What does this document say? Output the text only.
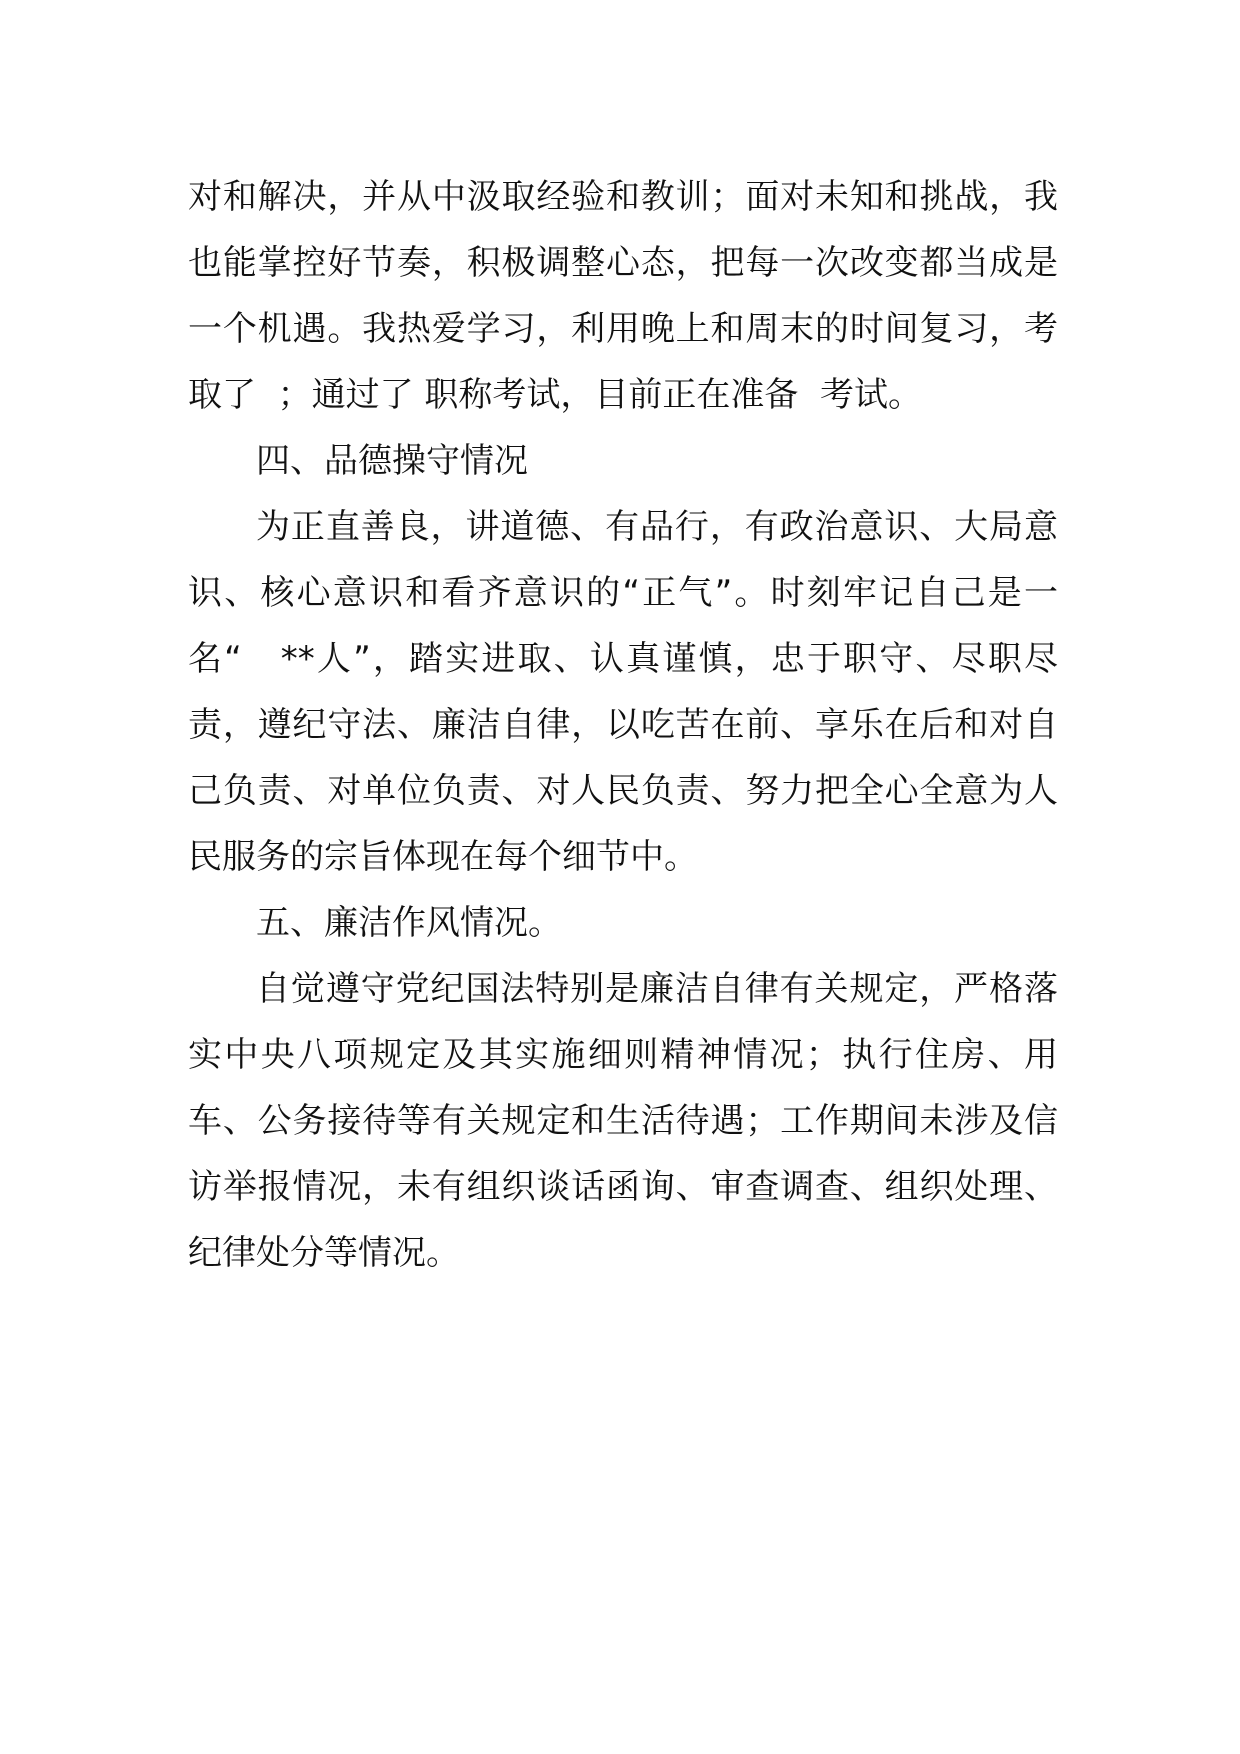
对和解决，并从中汲取经验和教训；面对未知和挑战，我
也能掌控好节奏，积极调整心态，把每一次改变都当成是
一个机遇。我热爱学习，利用晚上和周末的时间复习，考
取了  ；通过了 职称考试，目前正在准备  考试。
四、品德操守情况
为正直善良，讲道德、有品行，有政治意识、大局意
识、核心意识和看齐意识的“正气”。时刻牢记自己是一
名“   **人”，踏实进取、认真谨慎，忠于职守、尽职尽
责，遵纪守法、廉洁自律，以吃苦在前、享乐在后和对自
己负责、对单位负责、对人民负责、努力把全心全意为人
民服务的宗旨体现在每个细节中。
五、廉洁作风情况。
自觉遵守党纪国法特别是廉洁自律有关规定，严格落
实中央八项规定及其实施细则精神情况；执行住房、用
车、公务接待等有关规定和生活待遇；工作期间未涉及信
访举报情况，未有组织谈话函询、审查调查、组织处理、
纪律处分等情况。
